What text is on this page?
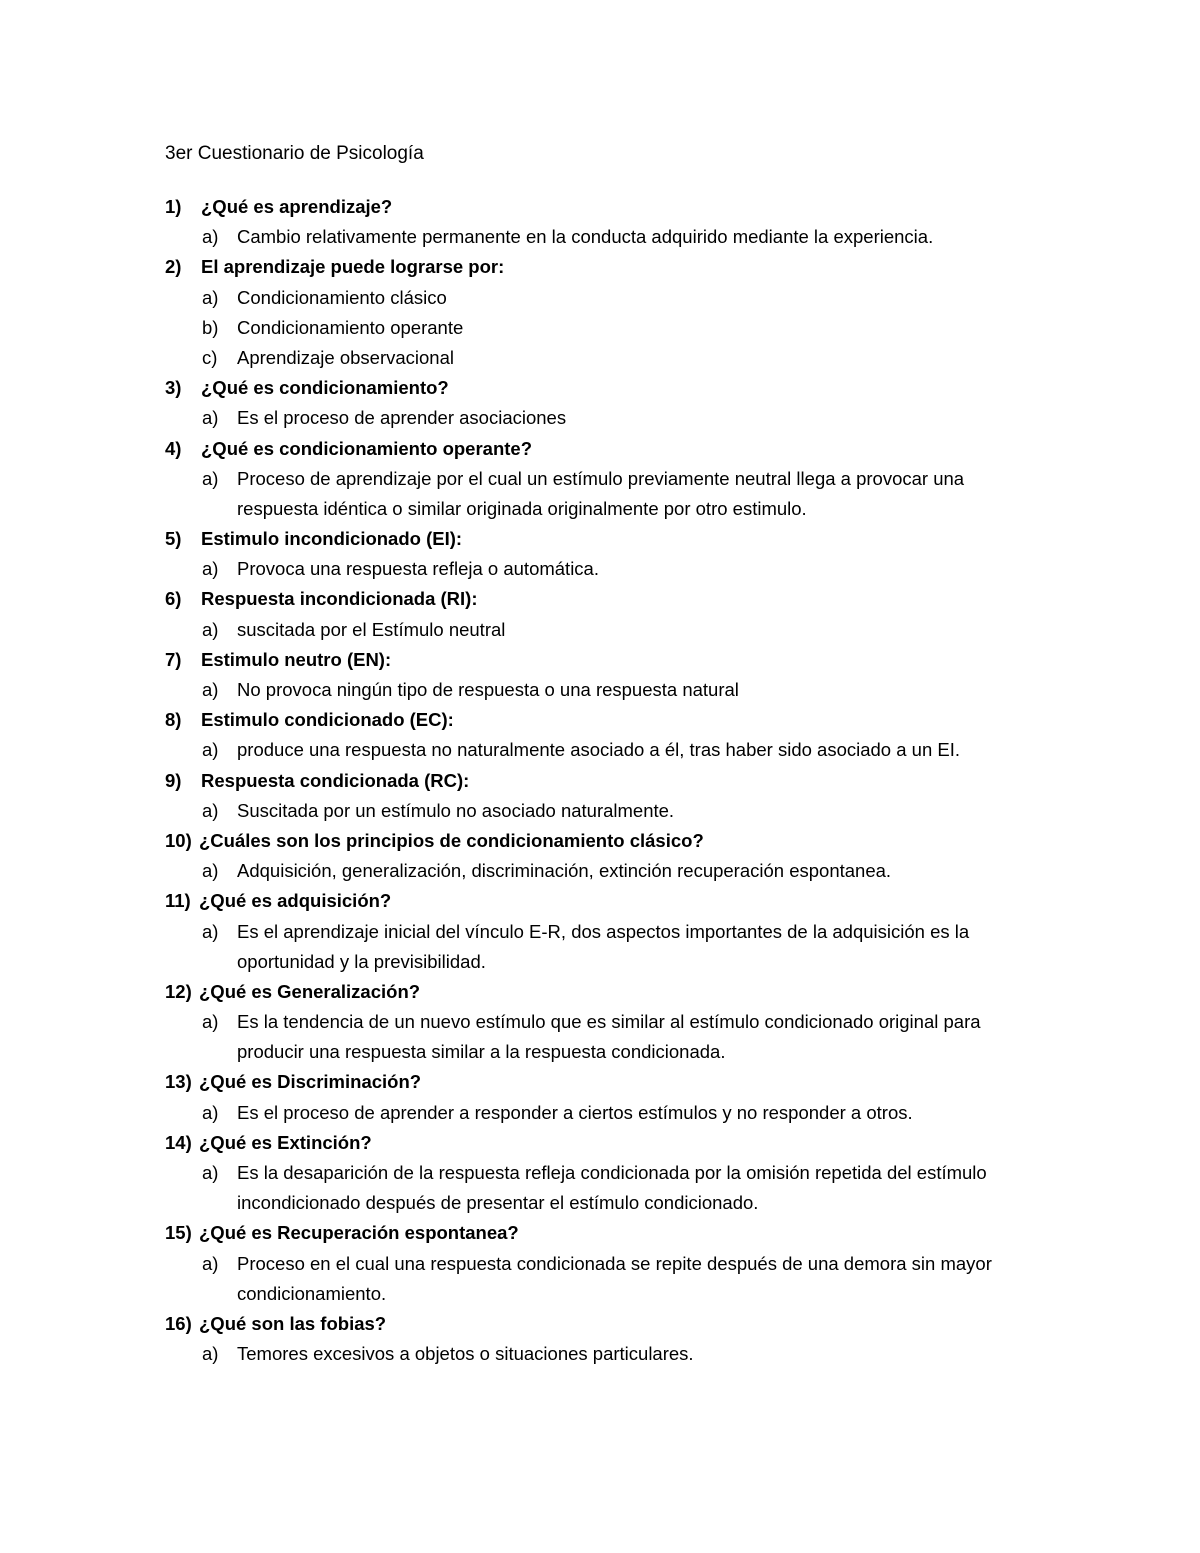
3er Cuestionario de Psicología
1) ¿Qué es aprendizaje?
a) Cambio relativamente permanente en la conducta adquirido mediante la experiencia.
2) El aprendizaje puede lograrse por:
a) Condicionamiento clásico
b) Condicionamiento operante
c) Aprendizaje observacional
3) ¿Qué es condicionamiento?
a) Es el proceso de aprender asociaciones
4) ¿Qué es condicionamiento operante?
a) Proceso de aprendizaje por el cual un estímulo previamente neutral llega a provocar una
respuesta idéntica o similar originada originalmente por otro estimulo.
5) Estimulo incondicionado (EI):
a) Provoca una respuesta refleja o automática.
6) Respuesta incondicionada (RI):
a) suscitada por el Estímulo neutral
7) Estimulo neutro (EN):
a) No provoca ningún tipo de respuesta o una respuesta natural
8) Estimulo condicionado (EC):
a) produce una respuesta no naturalmente asociado a él, tras haber sido asociado a un EI.
9) Respuesta condicionada (RC):
a) Suscitada por un estímulo no asociado naturalmente.
10) ¿Cuáles son los principios de condicionamiento clásico?
a) Adquisición, generalización, discriminación, extinción recuperación espontanea.
11) ¿Qué es adquisición?
a) Es el aprendizaje inicial del vínculo E-R, dos aspectos importantes de la adquisición es la
oportunidad y la previsibilidad.
12) ¿Qué es Generalización?
a) Es la tendencia de un nuevo estímulo que es similar al estímulo condicionado original para
producir una respuesta similar a la respuesta condicionada.
13) ¿Qué es Discriminación?
a) Es el proceso de aprender a responder a ciertos estímulos y no responder a otros.
14) ¿Qué es Extinción?
a) Es la desaparición de la respuesta refleja condicionada por la omisión repetida del estímulo
incondicionado después de presentar el estímulo condicionado.
15) ¿Qué es Recuperación espontanea?
a) Proceso en el cual una respuesta condicionada se repite después de una demora sin mayor
condicionamiento.
16) ¿Qué son las fobias?
a) Temores excesivos a objetos o situaciones particulares.
